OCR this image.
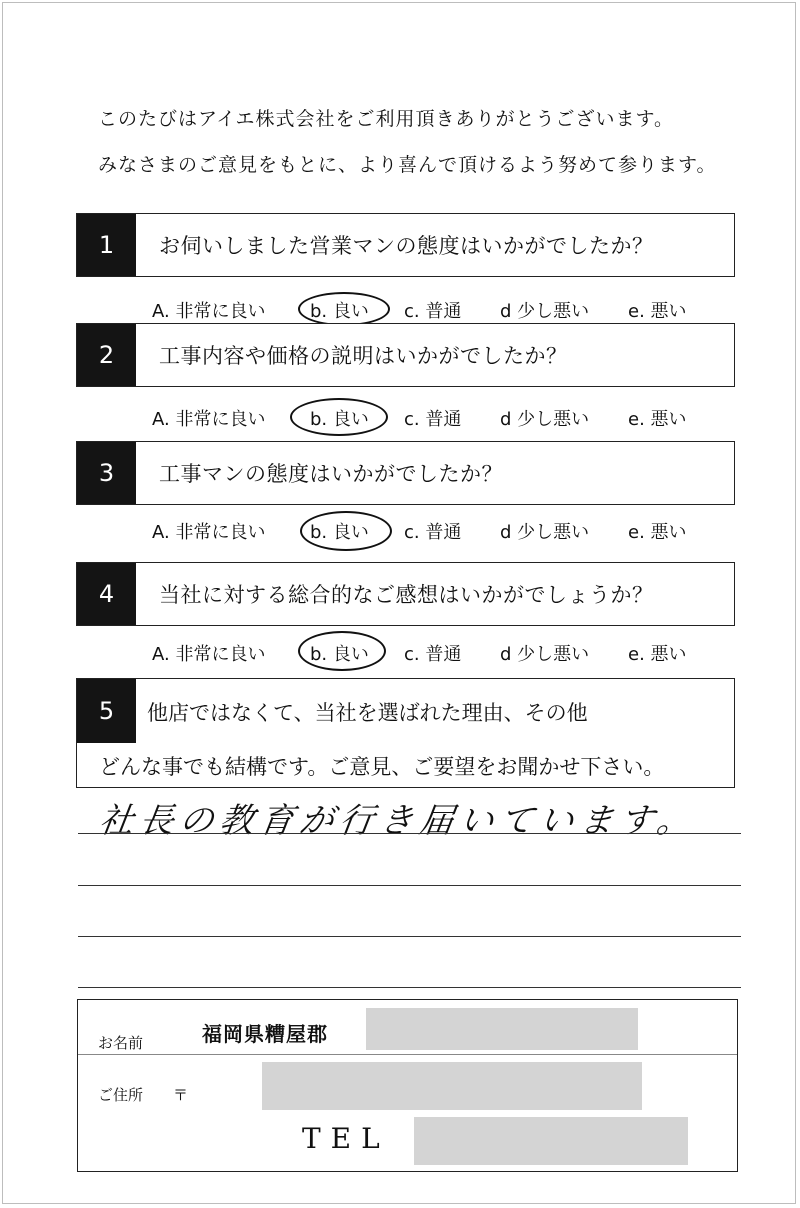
このたびはアイエ株式会社をご利用頂きありがとうございます。
みなさまのご意見をもとに、より喜んで頂けるよう努めて参ります。
1	お伺いしました営業マンの態度はいかがでしたか？
A. 非常に良い b. 良い c. 普通 d 少し悪い e. 悪い
2	工事内容や価格の説明はいかがでしたか？
A. 非常に良い b. 良い c. 普通 d 少し悪い e. 悪い
3	工事マンの態度はいかがでしたか？
A. 非常に良い b. 良い c. 普通 d 少し悪い e. 悪い
4	当社に対する総合的なご感想はいかがでしょうか？
A. 非常に良い b. 良い c. 普通 d 少し悪い e. 悪い
5	他店ではなくて、当社を選ばれた理由、その他
どんな事でも結構です。ご意見、ご要望をお聞かせ下さい。
社長の教育が行き届いています。
お名前	福岡県糟屋郡
ご住所 〒
TEL
